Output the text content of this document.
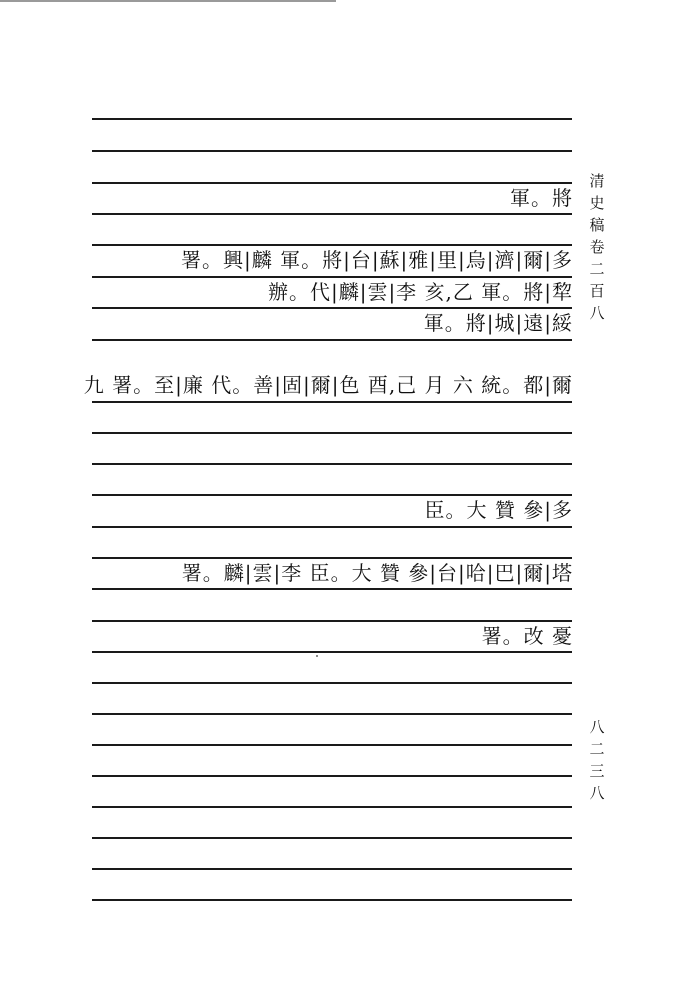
軍。將
署。興|麟 軍。將|台|蘇|雅|里|烏|濟|爾|多
辦。代|麟|雲|李 亥,乙 軍。將|犂
軍。將|城|遠|綏
九 署。至|廉 代。善|固|爾|色 酉,己 月 六 統。都|爾
臣。大 贊 參|多
署。麟|雲|李 臣。大 贊 參|台|哈|巴|爾|塔
署。改 憂
清史稿卷二百八
八二三八
